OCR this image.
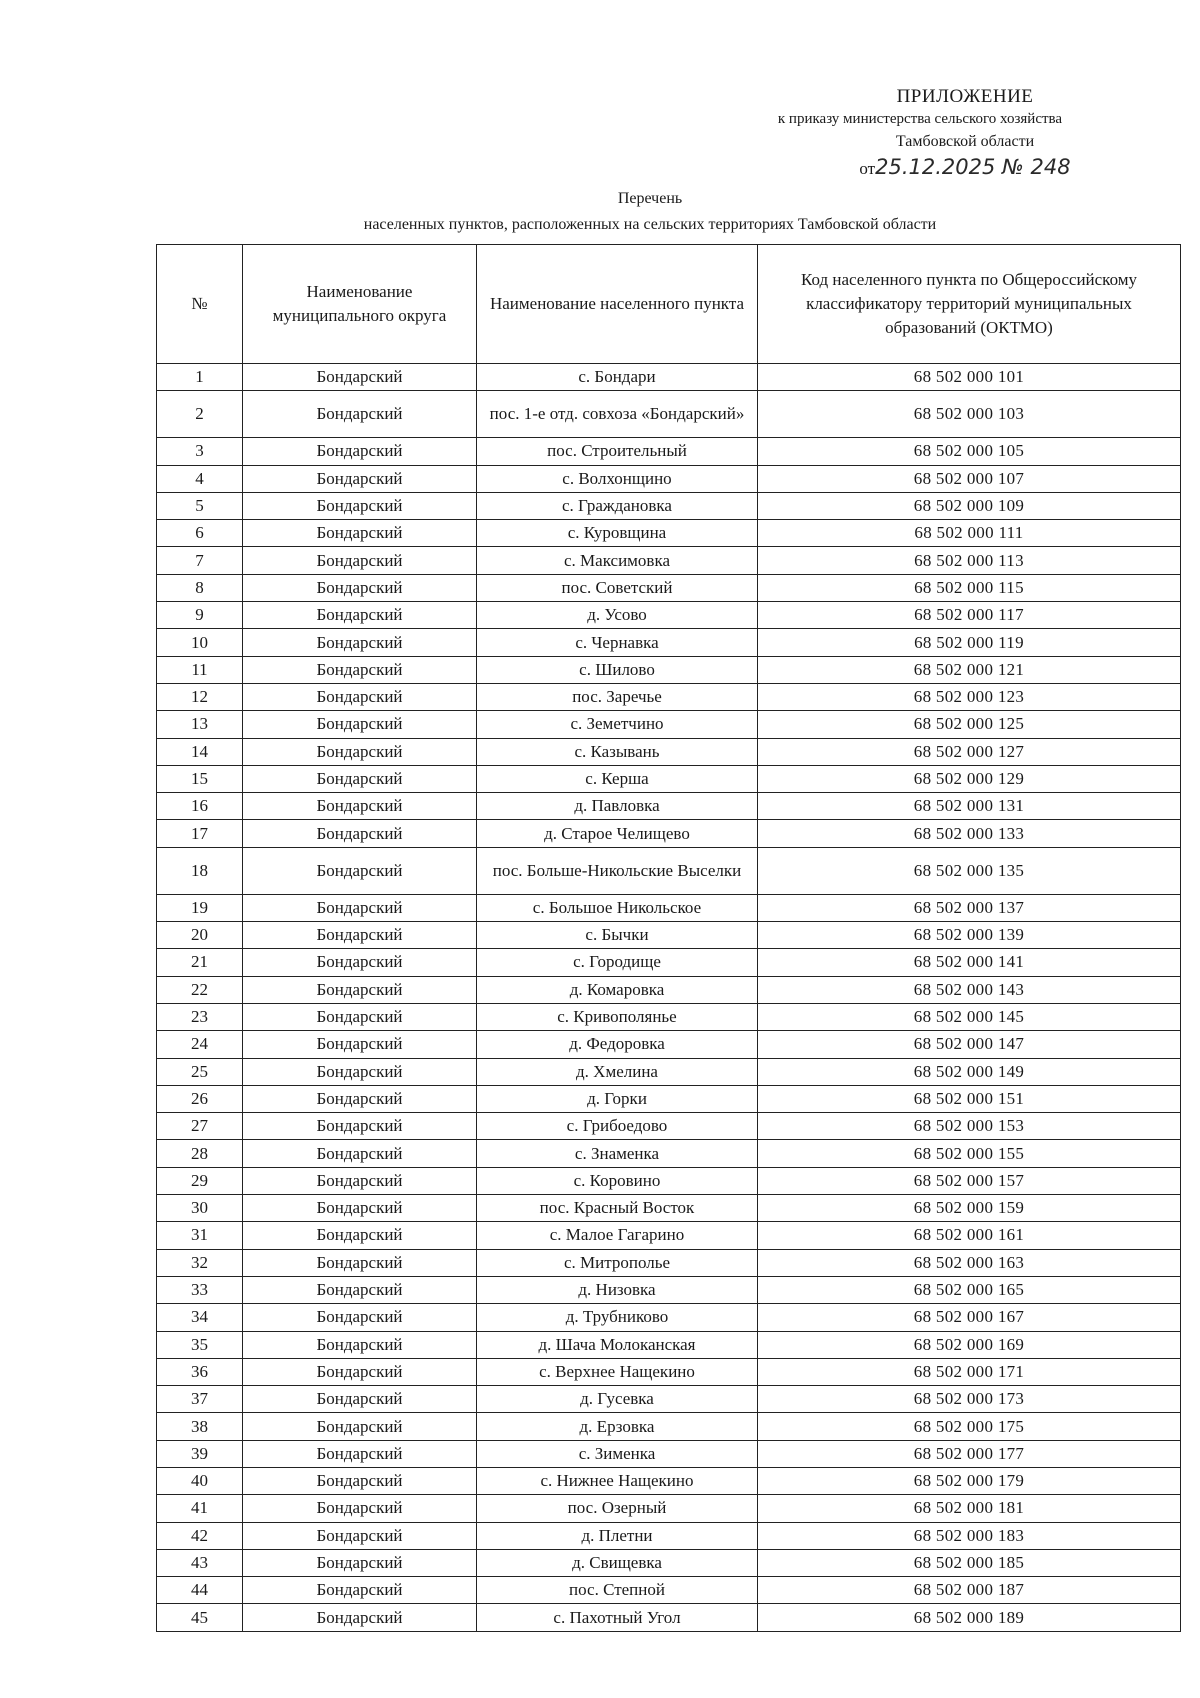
ПРИЛОЖЕНИЕ
к приказу министерства сельского хозяйства
Тамбовской области
от25.12.2025 № 248
Перечень
населенных пунктов, расположенных на сельских территориях Тамбовской области
№	Наименование муниципального округа	Наименование населенного пункта	Код населенного пункта по Общероссийскому классификатору территорий муниципальных образований (ОКТМО)
1	Бондарский	с. Бондари	68 502 000 101
2	Бондарский	пос. 1-е отд. совхоза «Бондарский»	68 502 000 103
3	Бондарский	пос. Строительный	68 502 000 105
4	Бондарский	с. Волхонщино	68 502 000 107
5	Бондарский	с. Граждановка	68 502 000 109
6	Бондарский	с. Куровщина	68 502 000 111
7	Бондарский	с. Максимовка	68 502 000 113
8	Бондарский	пос. Советский	68 502 000 115
9	Бондарский	д. Усово	68 502 000 117
10	Бондарский	с. Чернавка	68 502 000 119
11	Бондарский	с. Шилово	68 502 000 121
12	Бондарский	пос. Заречье	68 502 000 123
13	Бондарский	с. Земетчино	68 502 000 125
14	Бондарский	с. Казывань	68 502 000 127
15	Бондарский	с. Керша	68 502 000 129
16	Бондарский	д. Павловка	68 502 000 131
17	Бондарский	д. Старое Челищево	68 502 000 133
18	Бондарский	пос. Больше-Никольские Выселки	68 502 000 135
19	Бондарский	с. Большое Никольское	68 502 000 137
20	Бондарский	с. Бычки	68 502 000 139
21	Бондарский	с. Городище	68 502 000 141
22	Бондарский	д. Комаровка	68 502 000 143
23	Бондарский	с. Кривополянье	68 502 000 145
24	Бондарский	д. Федоровка	68 502 000 147
25	Бондарский	д. Хмелина	68 502 000 149
26	Бондарский	д. Горки	68 502 000 151
27	Бондарский	с. Грибоедово	68 502 000 153
28	Бондарский	с. Знаменка	68 502 000 155
29	Бондарский	с. Коровино	68 502 000 157
30	Бондарский	пос. Красный Восток	68 502 000 159
31	Бондарский	с. Малое Гагарино	68 502 000 161
32	Бондарский	с. Митрополье	68 502 000 163
33	Бондарский	д. Низовка	68 502 000 165
34	Бондарский	д. Трубниково	68 502 000 167
35	Бондарский	д. Шача Молоканская	68 502 000 169
36	Бондарский	с. Верхнее Нащекино	68 502 000 171
37	Бондарский	д. Гусевка	68 502 000 173
38	Бондарский	д. Ерзовка	68 502 000 175
39	Бондарский	с. Зименка	68 502 000 177
40	Бондарский	с. Нижнее Нащекино	68 502 000 179
41	Бондарский	пос. Озерный	68 502 000 181
42	Бондарский	д. Плетни	68 502 000 183
43	Бондарский	д. Свищевка	68 502 000 185
44	Бондарский	пос. Степной	68 502 000 187
45	Бондарский	с. Пахотный Угол	68 502 000 189
